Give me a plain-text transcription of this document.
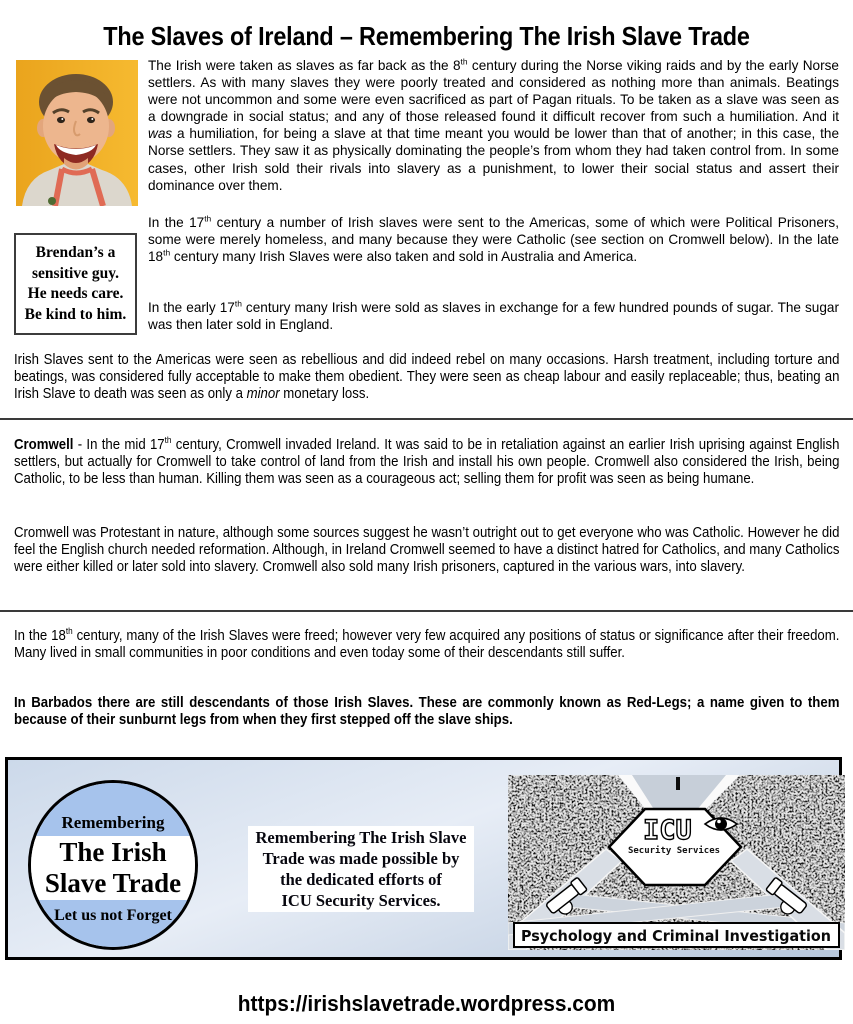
The Slaves of Ireland – Remembering The Irish Slave Trade

The Irish were taken as slaves as far back as the 8th century during the Norse viking raids and by the early Norse settlers. As with many slaves they were poorly treated and considered as nothing more than animals. Beatings were not uncommon and some were even sacrificed as part of Pagan rituals. To be taken as a slave was seen as a downgrade in social status; and any of those released found it difficult recover from such a humiliation. And it was a humiliation, for being a slave at that time meant you would be lower than that of another; in this case, the Norse settlers. They saw it as physically dominating the people’s from whom they had taken control from. In some cases, other Irish sold their rivals into slavery as a punishment, to lower their social status and assert their dominance over them.

In the 17th century a number of Irish slaves were sent to the Americas, some of which were Political Prisoners, some were merely homeless, and many because they were Catholic (see section on Cromwell below). In the late 18th century many Irish Slaves were also taken and sold in Australia and America.

In the early 17th century many Irish were sold as slaves in exchange for a few hundred pounds of sugar. The sugar was then later sold in England.

Brendan’s a
sensitive guy.
He needs care.
Be kind to him.

Irish Slaves sent to the Americas were seen as rebellious and did indeed rebel on many occasions. Harsh treatment, including torture and beatings, was considered fully acceptable to make them obedient. They were seen as cheap labour and easily replaceable; thus, beating an Irish Slave to death was seen as only a minor monetary loss.

Cromwell - In the mid 17th century, Cromwell invaded Ireland. It was said to be in retaliation against an earlier Irish uprising against English settlers, but actually for Cromwell to take control of land from the Irish and install his own people. Cromwell also considered the Irish, being Catholic, to be less than human. Killing them was seen as a courageous act; selling them for profit was seen as being humane.

Cromwell was Protestant in nature, although some sources suggest he wasn’t outright out to get everyone who was Catholic. However he did feel the English church needed reformation. Although, in Ireland Cromwell seemed to have a distinct hatred for Catholics, and many Catholics were either killed or later sold into slavery. Cromwell also sold many Irish prisoners, captured in the various wars, into slavery.

In the 18th century, many of the Irish Slaves were freed; however very few acquired any positions of status or significance after their freedom. Many lived in small communities in poor conditions and even today some of their descendants still suffer.

In Barbados there are still descendants of those Irish Slaves. These are commonly known as Red-Legs; a name given to them because of their sunburnt legs from when they first stepped off the slave ships.

Remembering
The Irish
Slave Trade
Let us not Forget
Remembering The Irish Slave
Trade was made possible by
the dedicated efforts of
ICU Security Services.
ICU
Security Services
Psychology and Criminal Investigation
https://irishslavetrade.wordpress.com
